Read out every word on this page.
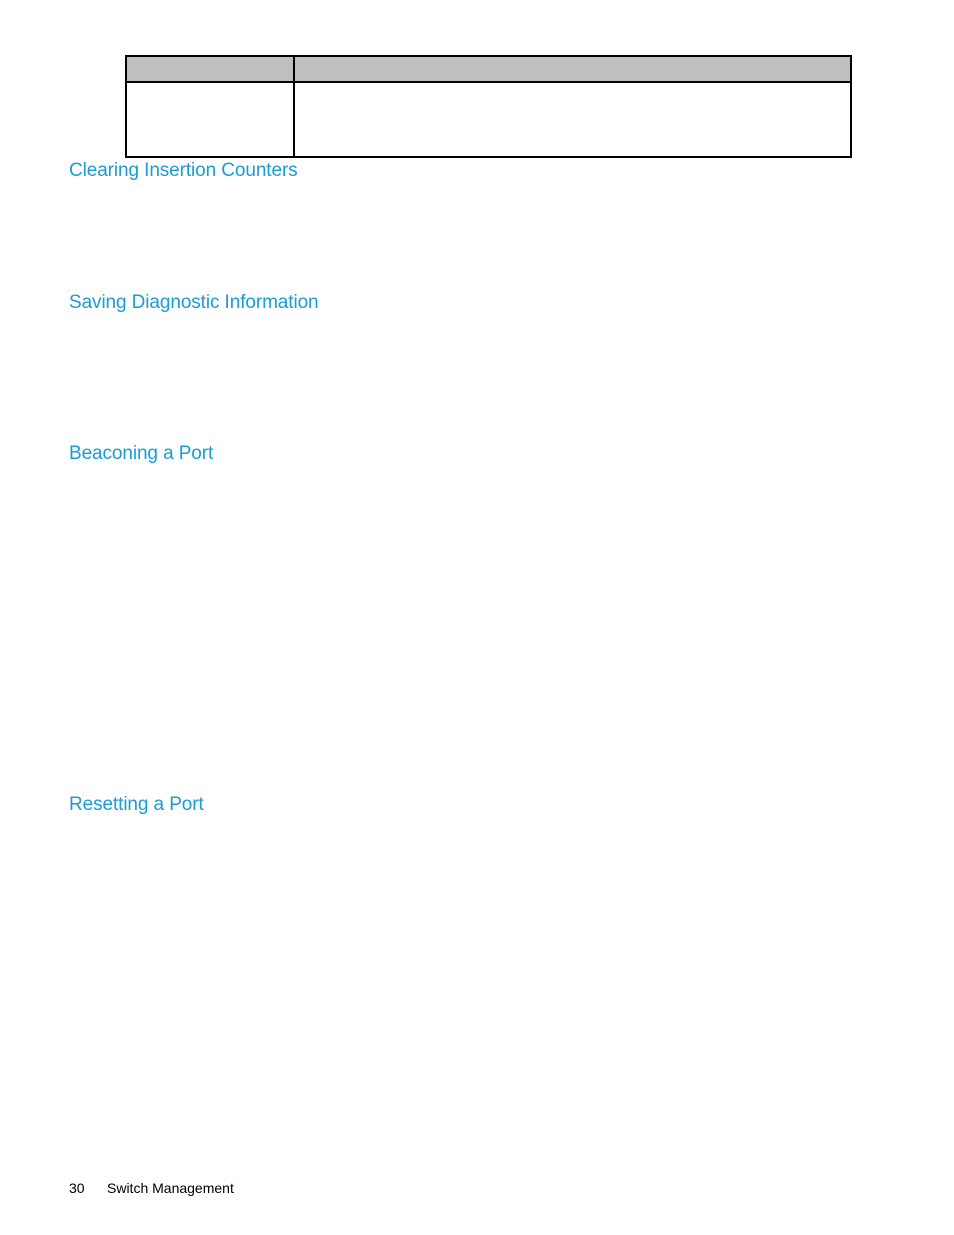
Clearing Insertion Counters
Saving Diagnostic Information
Beaconing a Port
Resetting a Port
30 Switch Management
